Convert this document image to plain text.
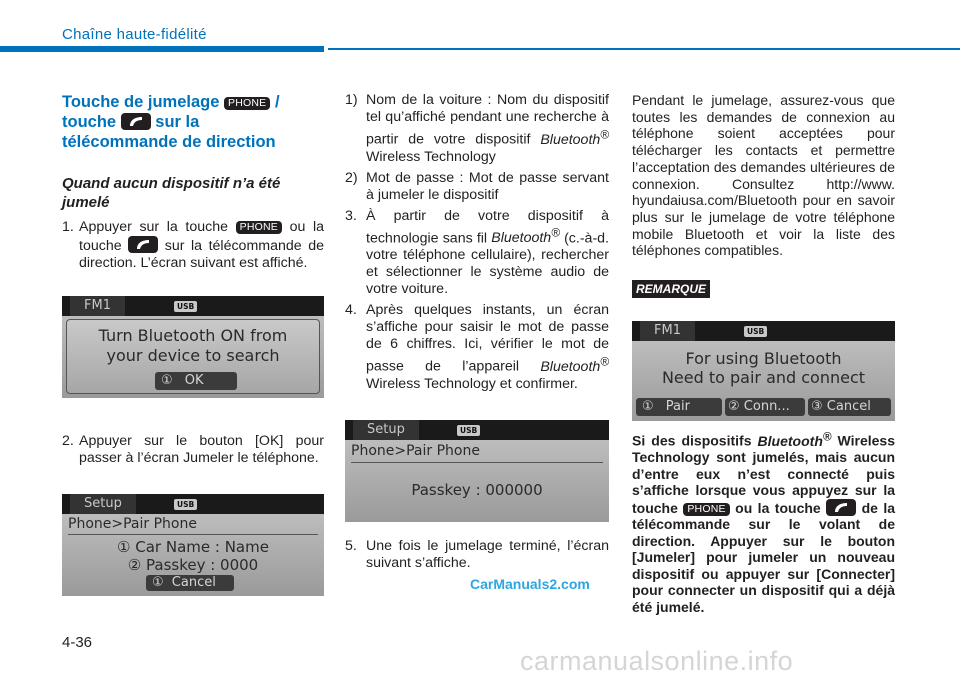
Chaîne haute-fidélité
Touche de jumelage PHONE /
touche sur la
télécommande de direction
Quand aucun dispositif n’a été jumelé
1. Appuyer sur la touche PHONE ou la touche	sur la télécommande de direction. L’écran suivant est affiché.
FM1	USB
Turn Bluetooth ON from
your device to search
① OK
2. Appuyer sur le bouton [OK] pour passer à l’écran Jumeler le téléphone.
Setup	USB
Phone>Pair Phone
① Car Name : Name
② Passkey : 0000
① Cancel
1) Nom de la voiture : Nom du dispositif tel qu’affiché pendant une recherche à partir de votre dispositif Bluetooth® Wireless Technology
2) Mot de passe : Mot de passe servant à jumeler le dispositif
3. À partir de votre dispositif à technologie sans fil Bluetooth® (c.-à-d. votre téléphone cellulaire), rechercher et sélectionner le système audio de votre voiture.
4. Après quelques instants, un écran s’affiche pour saisir le mot de passe de 6 chiffres. Ici, vérifier le mot de passe de l’appareil Bluetooth® Wireless Technology et confirmer.
Setup	USB
Phone>Pair Phone
Passkey : 000000
5. Une fois le jumelage terminé, l’écran suivant s’affiche.
Pendant le jumelage, assurez-vous que toutes les demandes de connexion au téléphone soient acceptées pour télécharger les contacts et permettre l’acceptation des demandes ultérieures de connexion. Consultez http://www. hyundaiusa.com/Bluetooth pour en savoir plus sur le jumelage de votre téléphone mobile Bluetooth et voir la liste des téléphones compatibles.
REMARQUE
FM1	USB
For using Bluetooth
Need to pair and connect
① Pair	② Conn...	③ Cancel
Si des dispositifs Bluetooth® Wireless Technology sont jumelés, mais aucun d’entre eux n’est connecté puis s’affiche lorsque vous appuyez sur la touche PHONE ou la touche	de la télécommande sur le volant de direction. Appuyer sur le bouton [Jumeler] pour jumeler un nouveau dispositif ou appuyer sur [Connecter] pour connecter un dispositif qui a déjà été jumelé.
4-36
CarManuals2.com
carmanualsonline.info
